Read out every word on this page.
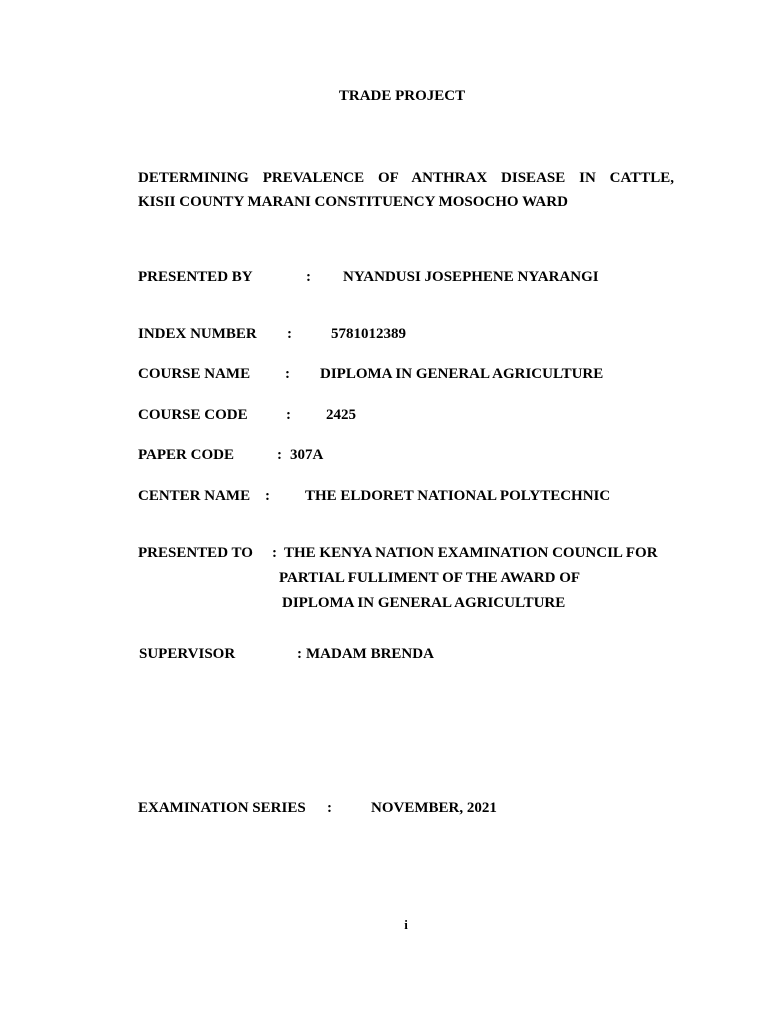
TRADE PROJECT
DETERMINING PREVALENCE OF ANTHRAX DISEASE IN CATTLE,
KISII COUNTY MARANI CONSTITUENCY MOSOCHO WARD
PRESENTED BY	: NYANDUSI JOSEPHENE NYARANGI
INDEX NUMBER :	5781012389
COURSE NAME : DIPLOMA IN GENERAL AGRICULTURE
COURSE CODE	: 2425
PAPER CODE	: 307A
CENTER NAME : THE ELDORET NATIONAL POLYTECHNIC
PRESENTED TO : THE KENYA NATION EXAMINATION COUNCIL FOR
PARTIAL FULLIMENT OF THE AWARD OF
DIPLOMA IN GENERAL AGRICULTURE
SUPERVISOR	: MADAM BRENDA
EXAMINATION SERIES :	NOVEMBER, 2021
i
